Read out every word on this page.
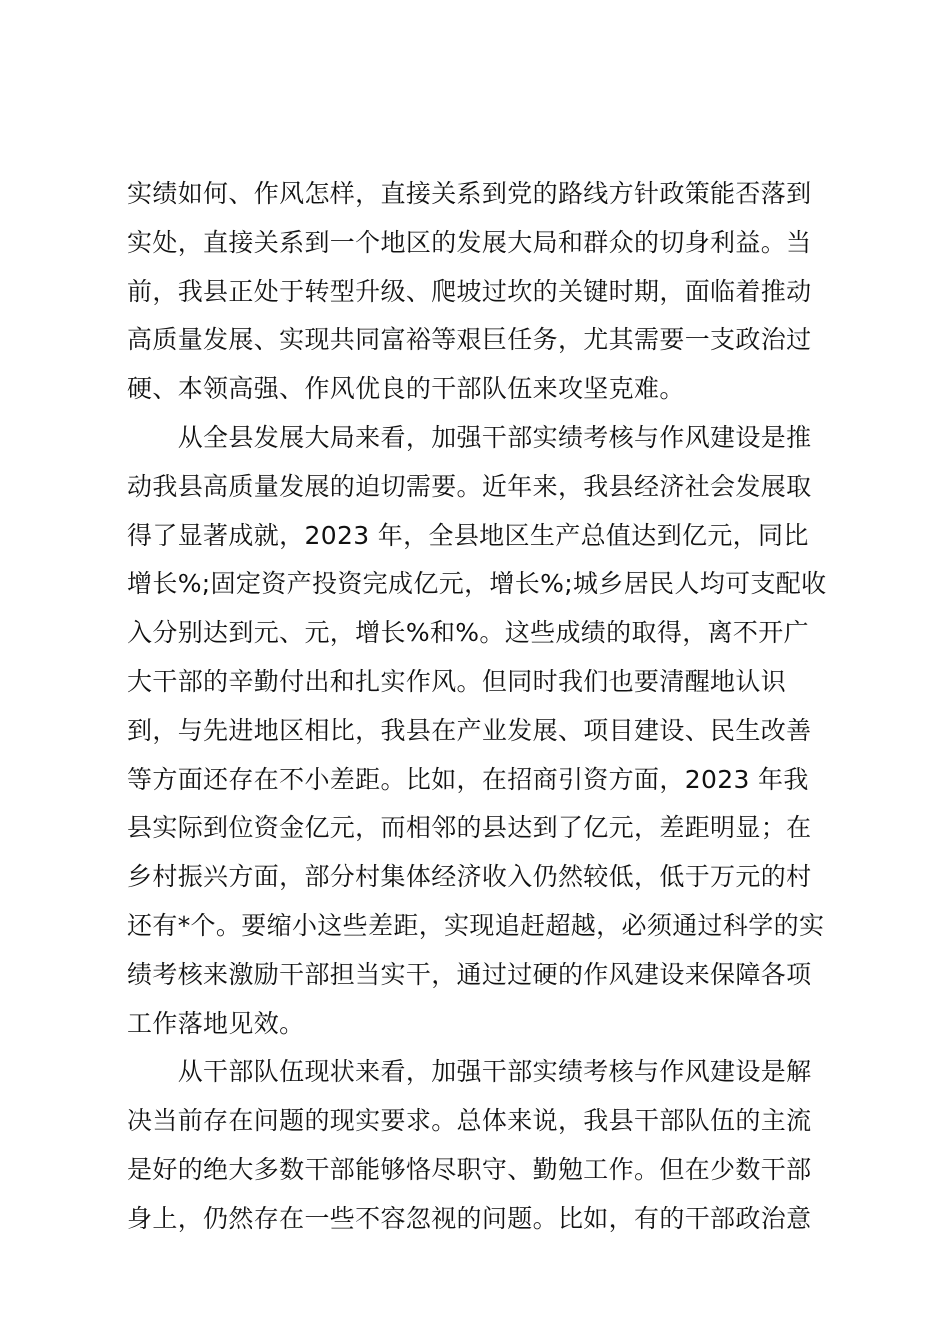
实绩如何、作风怎样，直接关系到党的路线方针政策能否落到
实处，直接关系到一个地区的发展大局和群众的切身利益。当
前，我县正处于转型升级、爬坡过坎的关键时期，面临着推动
高质量发展、实现共同富裕等艰巨任务，尤其需要一支政治过
硬、本领高强、作风优良的干部队伍来攻坚克难。
　　从全县发展大局来看，加强干部实绩考核与作风建设是推
动我县高质量发展的迫切需要。近年来，我县经济社会发展取
得了显著成就，2023 年，全县地区生产总值达到亿元，同比
增长%;固定资产投资完成亿元，增长%;城乡居民人均可支配收
入分别达到元、元，增长%和%。这些成绩的取得，离不开广
大干部的辛勤付出和扎实作风。但同时我们也要清醒地认识
到，与先进地区相比，我县在产业发展、项目建设、民生改善
等方面还存在不小差距。比如，在招商引资方面，2023 年我
县实际到位资金亿元，而相邻的县达到了亿元，差距明显；在
乡村振兴方面，部分村集体经济收入仍然较低，低于万元的村
还有*个。要缩小这些差距，实现追赶超越，必须通过科学的实
绩考核来激励干部担当实干，通过过硬的作风建设来保障各项
工作落地见效。
　　从干部队伍现状来看，加强干部实绩考核与作风建设是解
决当前存在问题的现实要求。总体来说，我县干部队伍的主流
是好的绝大多数干部能够恪尽职守、勤勉工作。但在少数干部
身上，仍然存在一些不容忽视的问题。比如，有的干部政治意
